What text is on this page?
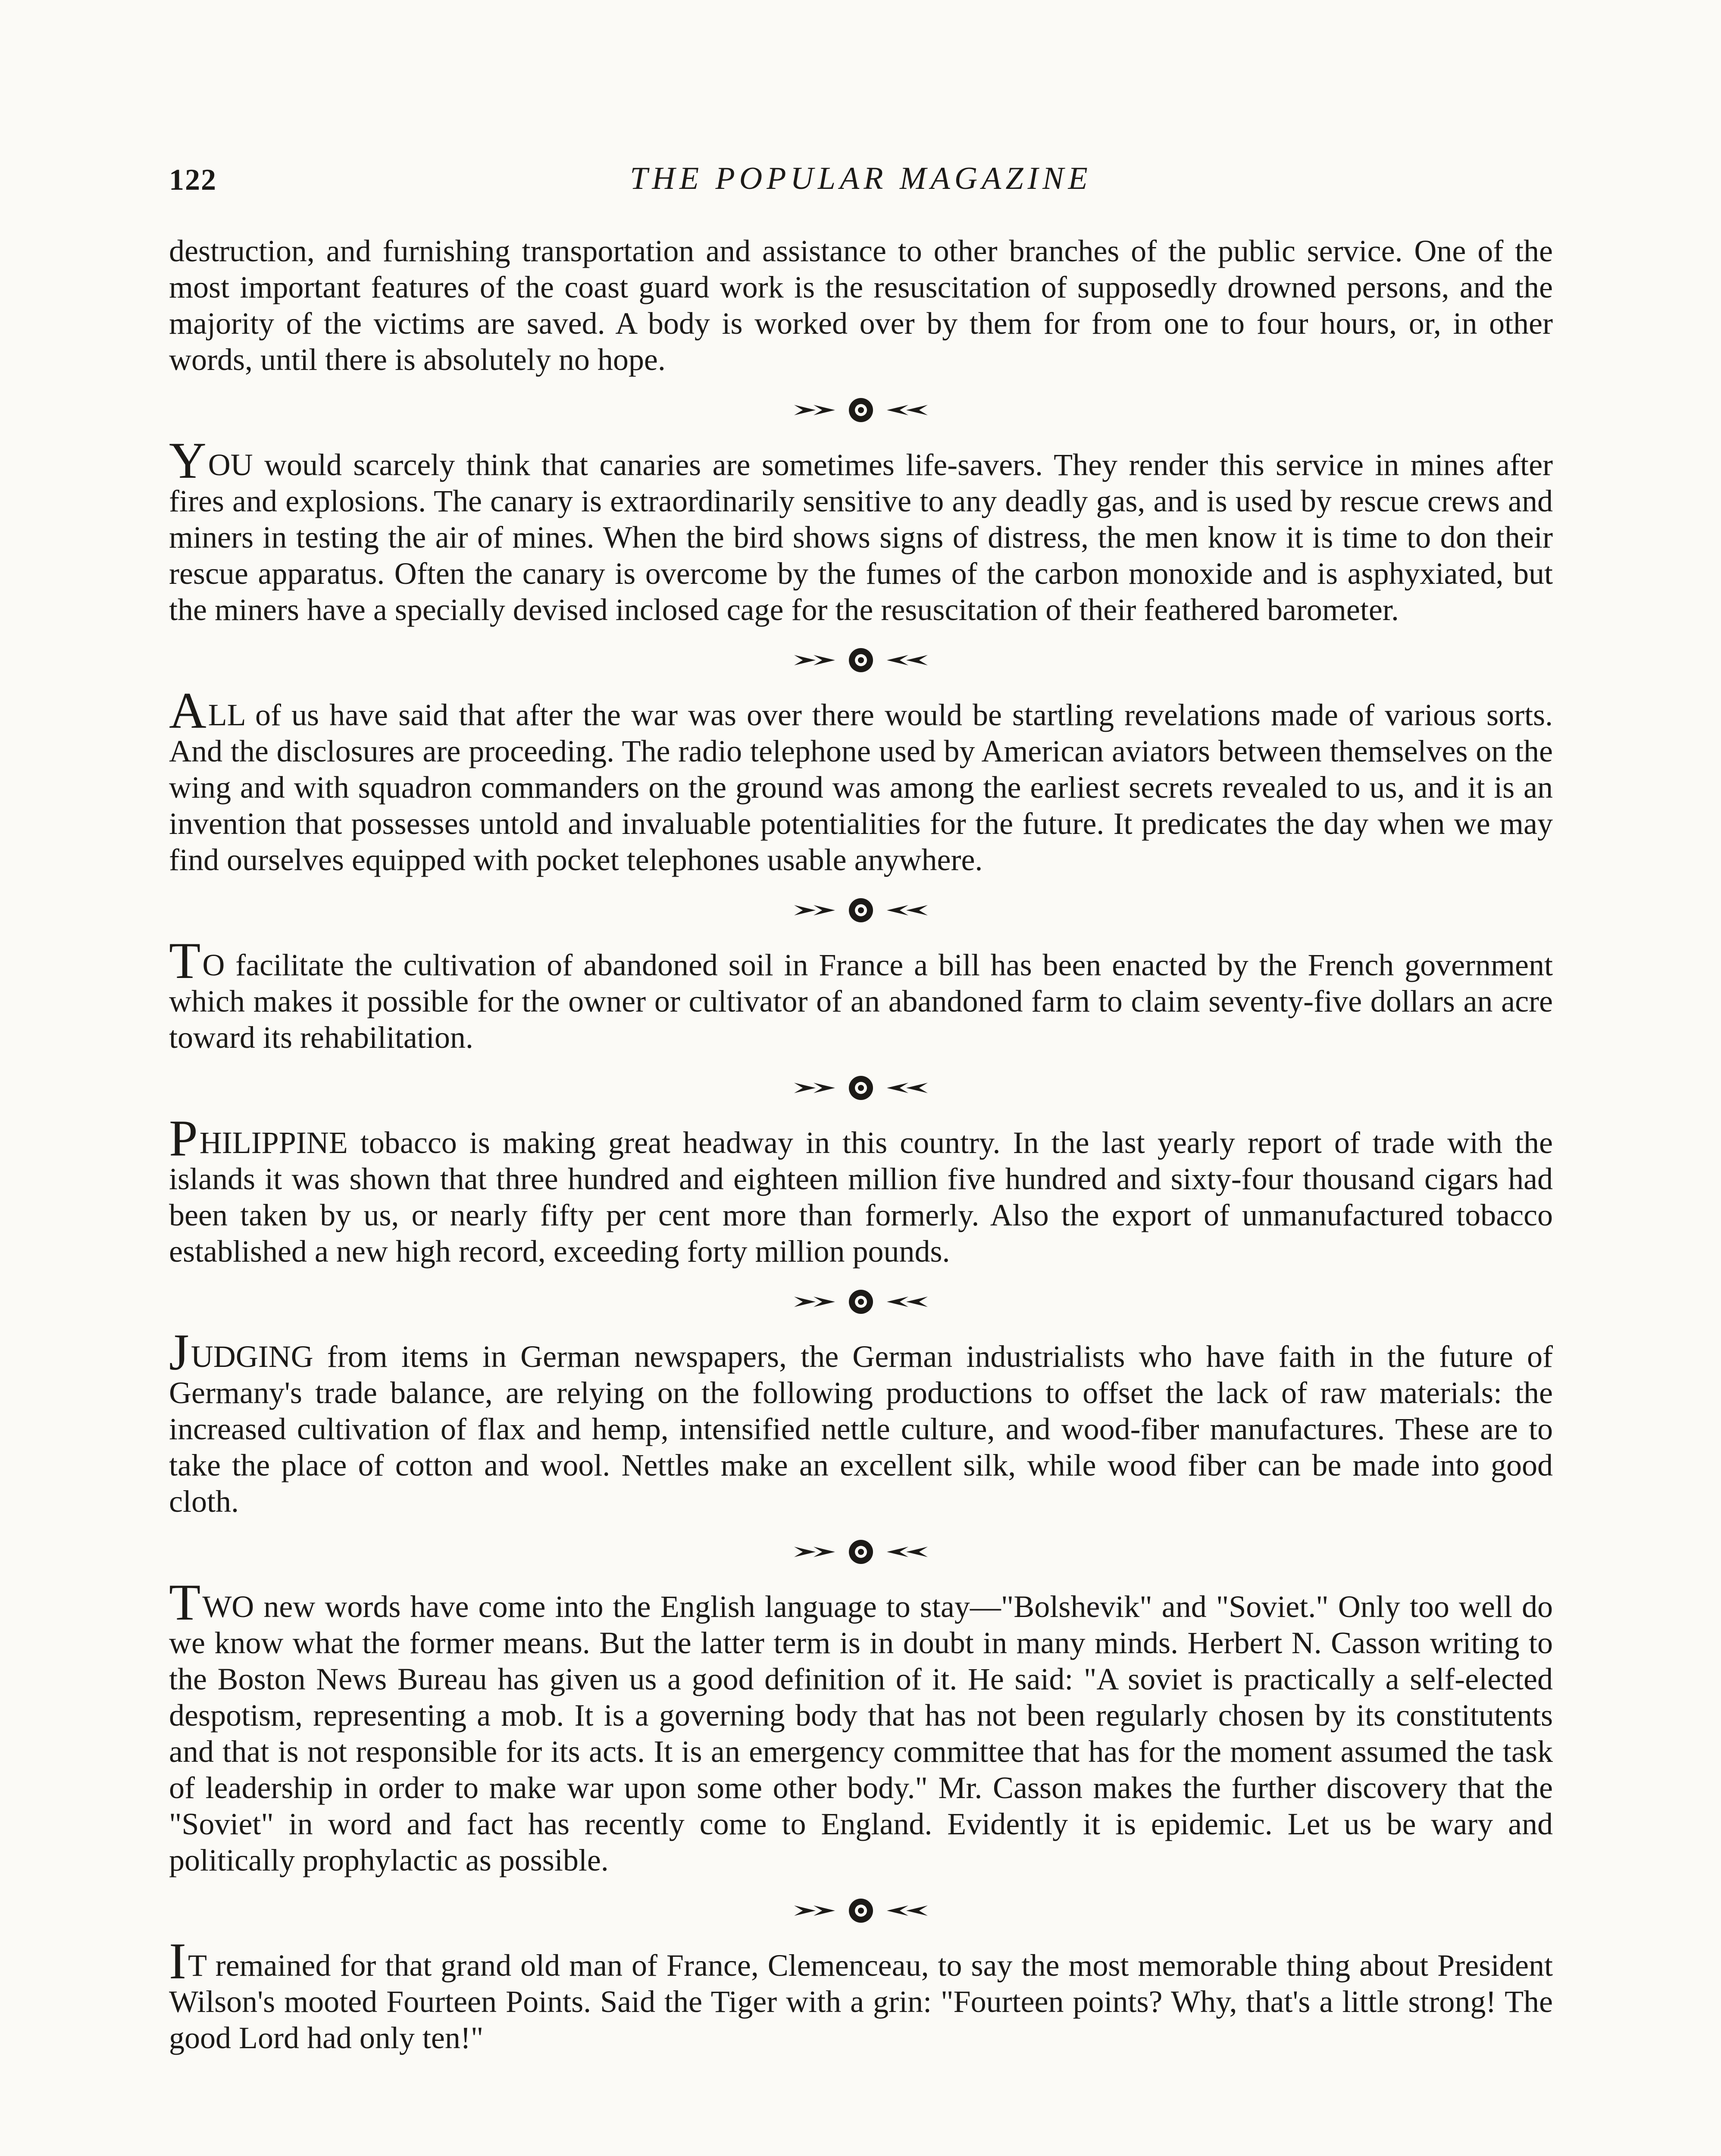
122	THE POPULAR MAGAZINE

destruction, and furnishing transportation and assistance to other branches of the public service. One of the most important features of the coast guard work is the resuscitation of supposedly drowned persons, and the majority of the victims are saved. A body is worked over by them for from one to four hours, or, in other words, until there is absolutely no hope.

YOU would scarcely think that canaries are sometimes life-savers. They render this service in mines after fires and explosions. The canary is extraordinarily sensitive to any deadly gas, and is used by rescue crews and miners in testing the air of mines. When the bird shows signs of distress, the men know it is time to don their rescue apparatus. Often the canary is overcome by the fumes of the carbon monoxide and is asphyxiated, but the miners have a specially devised inclosed cage for the resuscitation of their feathered barometer.

ALL of us have said that after the war was over there would be startling revelations made of various sorts. And the disclosures are proceeding. The radio telephone used by American aviators between themselves on the wing and with squadron commanders on the ground was among the earliest secrets revealed to us, and it is an invention that possesses untold and invaluable potentialities for the future. It predicates the day when we may find ourselves equipped with pocket telephones usable anywhere.

TO facilitate the cultivation of abandoned soil in France a bill has been enacted by the French government which makes it possible for the owner or cultivator of an abandoned farm to claim seventy-five dollars an acre toward its rehabilitation.

PHILIPPINE tobacco is making great headway in this country. In the last yearly report of trade with the islands it was shown that three hundred and eighteen million five hundred and sixty-four thousand cigars had been taken by us, or nearly fifty per cent more than formerly. Also the export of unmanufactured tobacco established a new high record, exceeding forty million pounds.

JUDGING from items in German newspapers, the German industrialists who have faith in the future of Germany's trade balance, are relying on the following productions to offset the lack of raw materials: the increased cultivation of flax and hemp, intensified nettle culture, and wood-fiber manufactures. These are to take the place of cotton and wool. Nettles make an excellent silk, while wood fiber can be made into good cloth.

TWO new words have come into the English language to stay—"Bolshevik" and "Soviet." Only too well do we know what the former means. But the latter term is in doubt in many minds. Herbert N. Casson writing to the Boston News Bureau has given us a good definition of it. He said: "A soviet is practically a self-elected despotism, representing a mob. It is a governing body that has not been regularly chosen by its constitutents and that is not responsible for its acts. It is an emergency committee that has for the moment assumed the task of leadership in order to make war upon some other body." Mr. Casson makes the further discovery that the "Soviet" in word and fact has recently come to England. Evidently it is epidemic. Let us be wary and politically prophylactic as possible.

IT remained for that grand old man of France, Clemenceau, to say the most memorable thing about President Wilson's mooted Fourteen Points. Said the Tiger with a grin: "Fourteen points? Why, that's a little strong! The good Lord had only ten!"
